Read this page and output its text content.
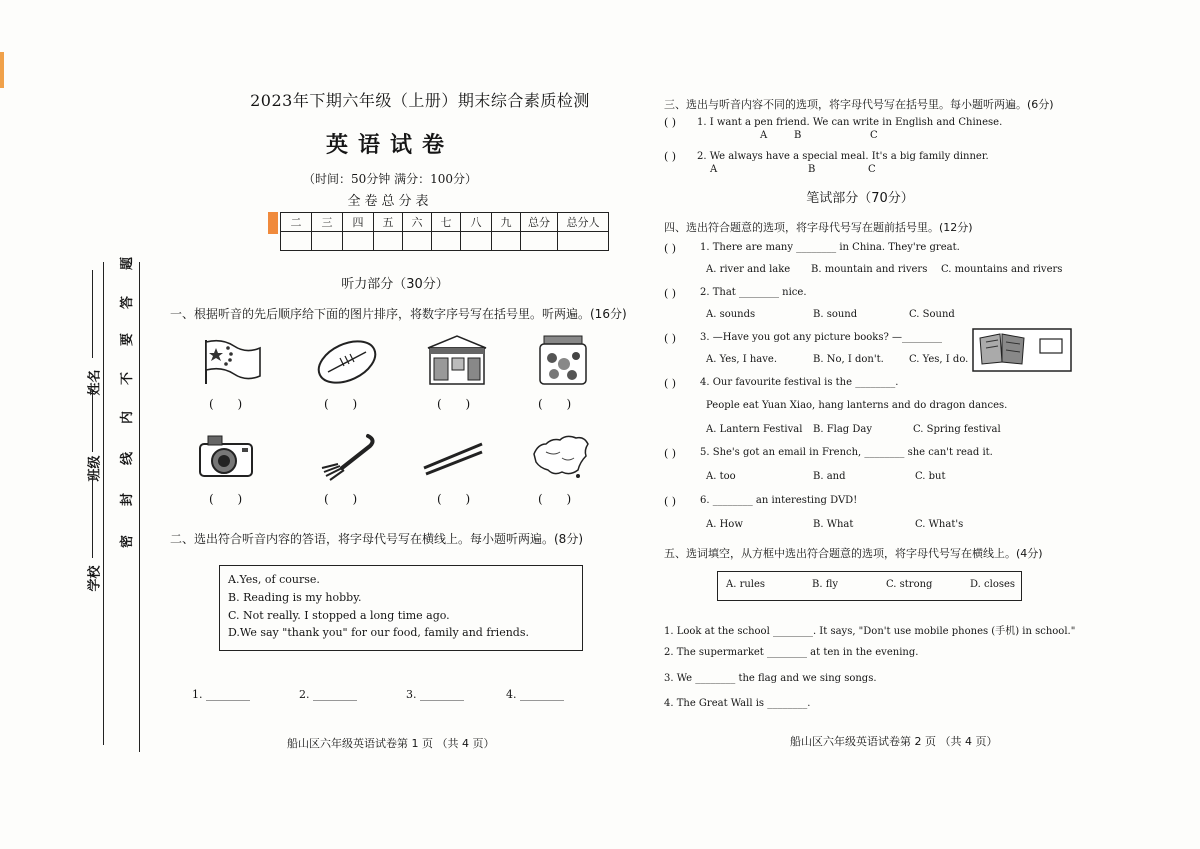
姓名
班级
学校
题
答
要
不
内
线
封
密
2023年下期六年级（上册）期末综合素质检测
英语试卷
（时间：50分钟 满分：100分）
全卷总分表
二	三	四	五	六	七	八	九	总分	总分人

听力部分（30分）
一、根据听音的先后顺序给下面的图片排序，将数字序号写在括号里。听两遍。(16分)
( )	( )	( )	( )
( )	( )	( )	( )
二、选出符合听音内容的答语，将字母代号写在横线上。每小题听两遍。(8分)
A.Yes, of course.
B. Reading is my hobby.
C. Not really. I stopped a long time ago.
D.We say "thank you" for our food, family and friends.
1. ________	2. ________	3. ________	4. ________
船山区六年级英语试卷第 1 页 （共 4 页）
三、选出与听音内容不同的选项，将字母代号写在括号里。每小题听两遍。(6分)
( ) 1. I want a pen friend. We can write in English and Chinese.
A	B	C
( ) 2. We always have a special meal. It's a big family dinner.
A	B	C
笔试部分（70分）
四、选出符合题意的选项，将字母代号写在题前括号里。(12分)
( ) 1. There are many ________ in China. They're great.
A. river and lake B. mountain and rivers C. mountains and rivers
( ) 2. That ________ nice.
A. sounds	B. sound	C. Sound
( ) 3. —Have you got any picture books? —________
A. Yes, I have.	B. No, I don't.	C. Yes, I do.
( ) 4. Our favourite festival is the ________.
People eat Yuan Xiao, hang lanterns and do dragon dances.
A. Lantern Festival B. Flag Day	C. Spring festival
( ) 5. She's got an email in French, ________ she can't read it.
A. too	B. and	C. but
( ) 6. ________ an interesting DVD!
A. How	B. What	C. What's
五、选词填空，从方框中选出符合题意的选项，将字母代号写在横线上。(4分)
A. rules	B. fly	C. strong	D. closes
1. Look at the school ________. It says, "Don't use mobile phones (手机) in school."
2. The supermarket ________ at ten in the evening.
3. We ________ the flag and we sing songs.
4. The Great Wall is ________.
船山区六年级英语试卷第 2 页 （共 4 页）
